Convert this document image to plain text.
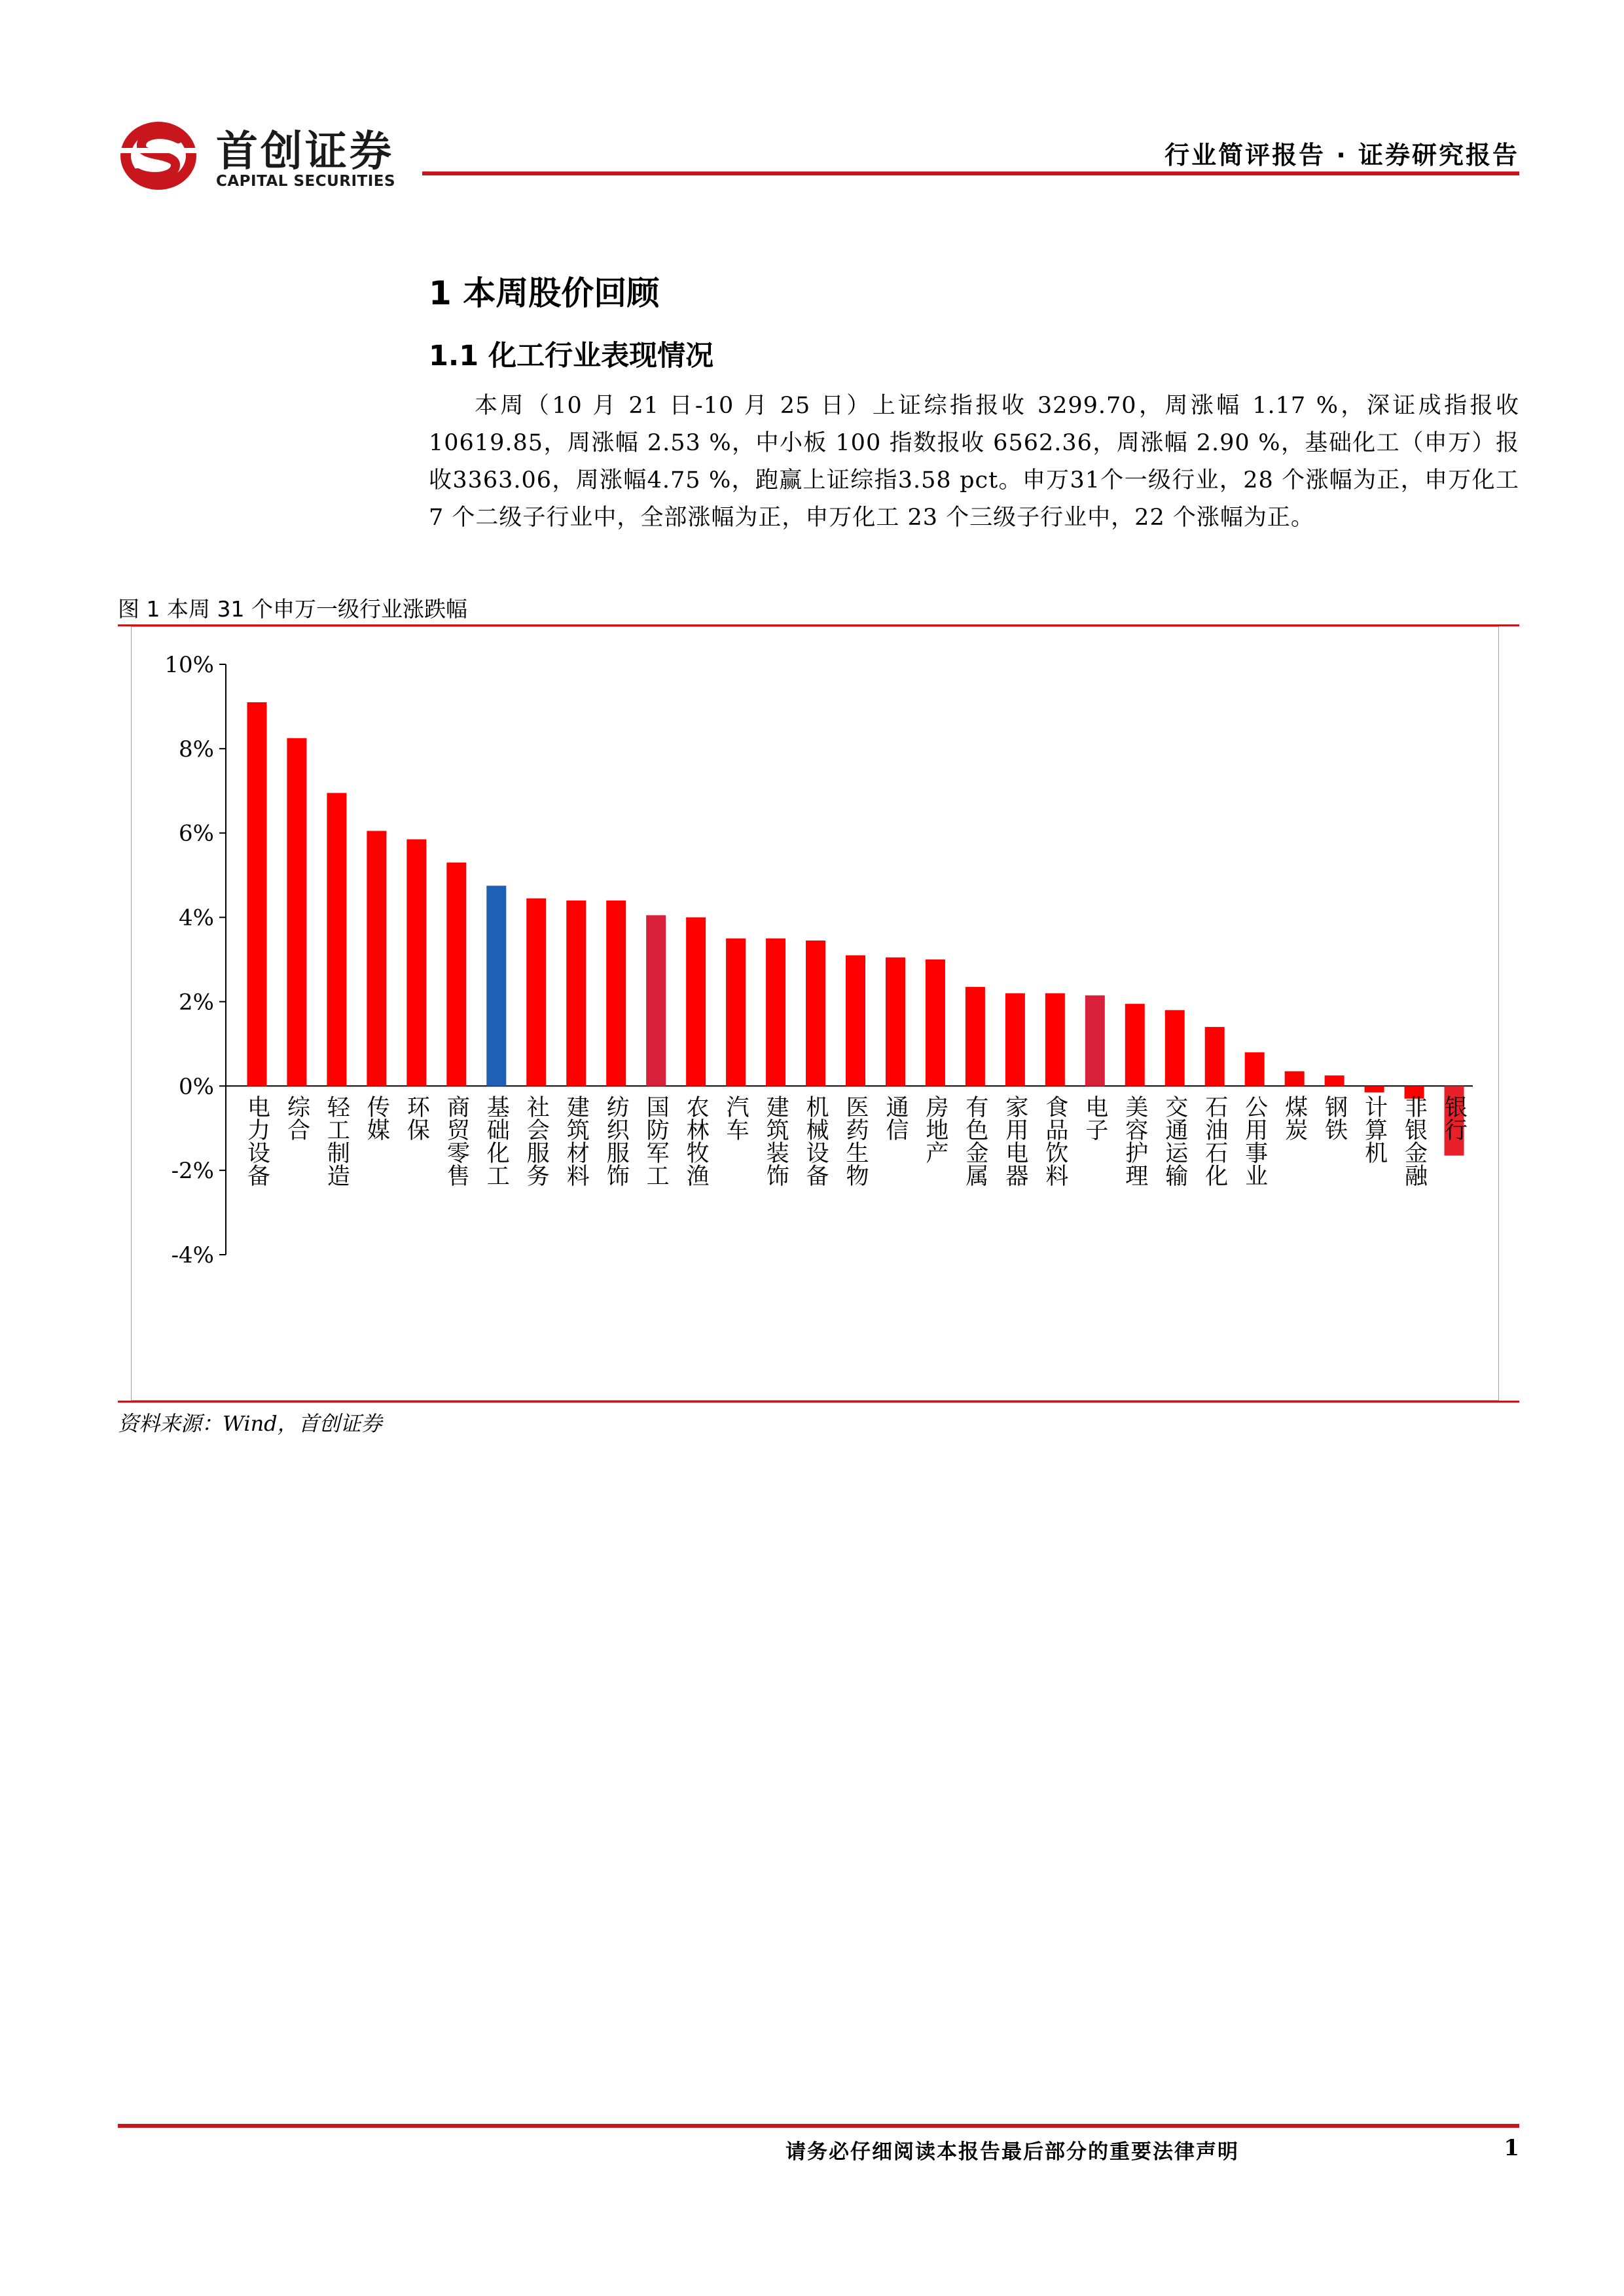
首创证券
CAPITAL SECURITIES
行业简评报告 · 证券研究报告
1 本周股价回顾
1.1 化工行业表现情况
本周（10 月 21 日-10 月 25 日）上证综指报收 3299.70，周涨幅 1.17 %，深证成指报收 10619.85，周涨幅 2.53 %，中小板 100 指数报收 6562.36，周涨幅 2.90 %，基础化工（申万）报收3363.06，周涨幅4.75 %，跑赢上证综指3.58 pct。申万31个一级行业，28 个涨幅为正，申万化工 7 个二级子行业中，全部涨幅为正，申万化工 23 个三级子行业中，22 个涨幅为正。
图 1 本周 31 个申万一级行业涨跌幅
-4%
-2%
0%
2%
4%
6%
8%
10%
电力设备 综合 轻工制造 传媒 环保 商贸零售 基础化工 社会服务 建筑材料 纺织服饰 国防军工 农林牧渔 汽车 建筑装饰 机械设备 医药生物 通信 房地产 有色金属 家用电器 食品饮料 电子 美容护理 交通运输 石油石化 公用事业 煤炭 钢铁 计算机 非银金融 银行
资料来源：Wind，首创证券
请务必仔细阅读本报告最后部分的重要法律声明	1
